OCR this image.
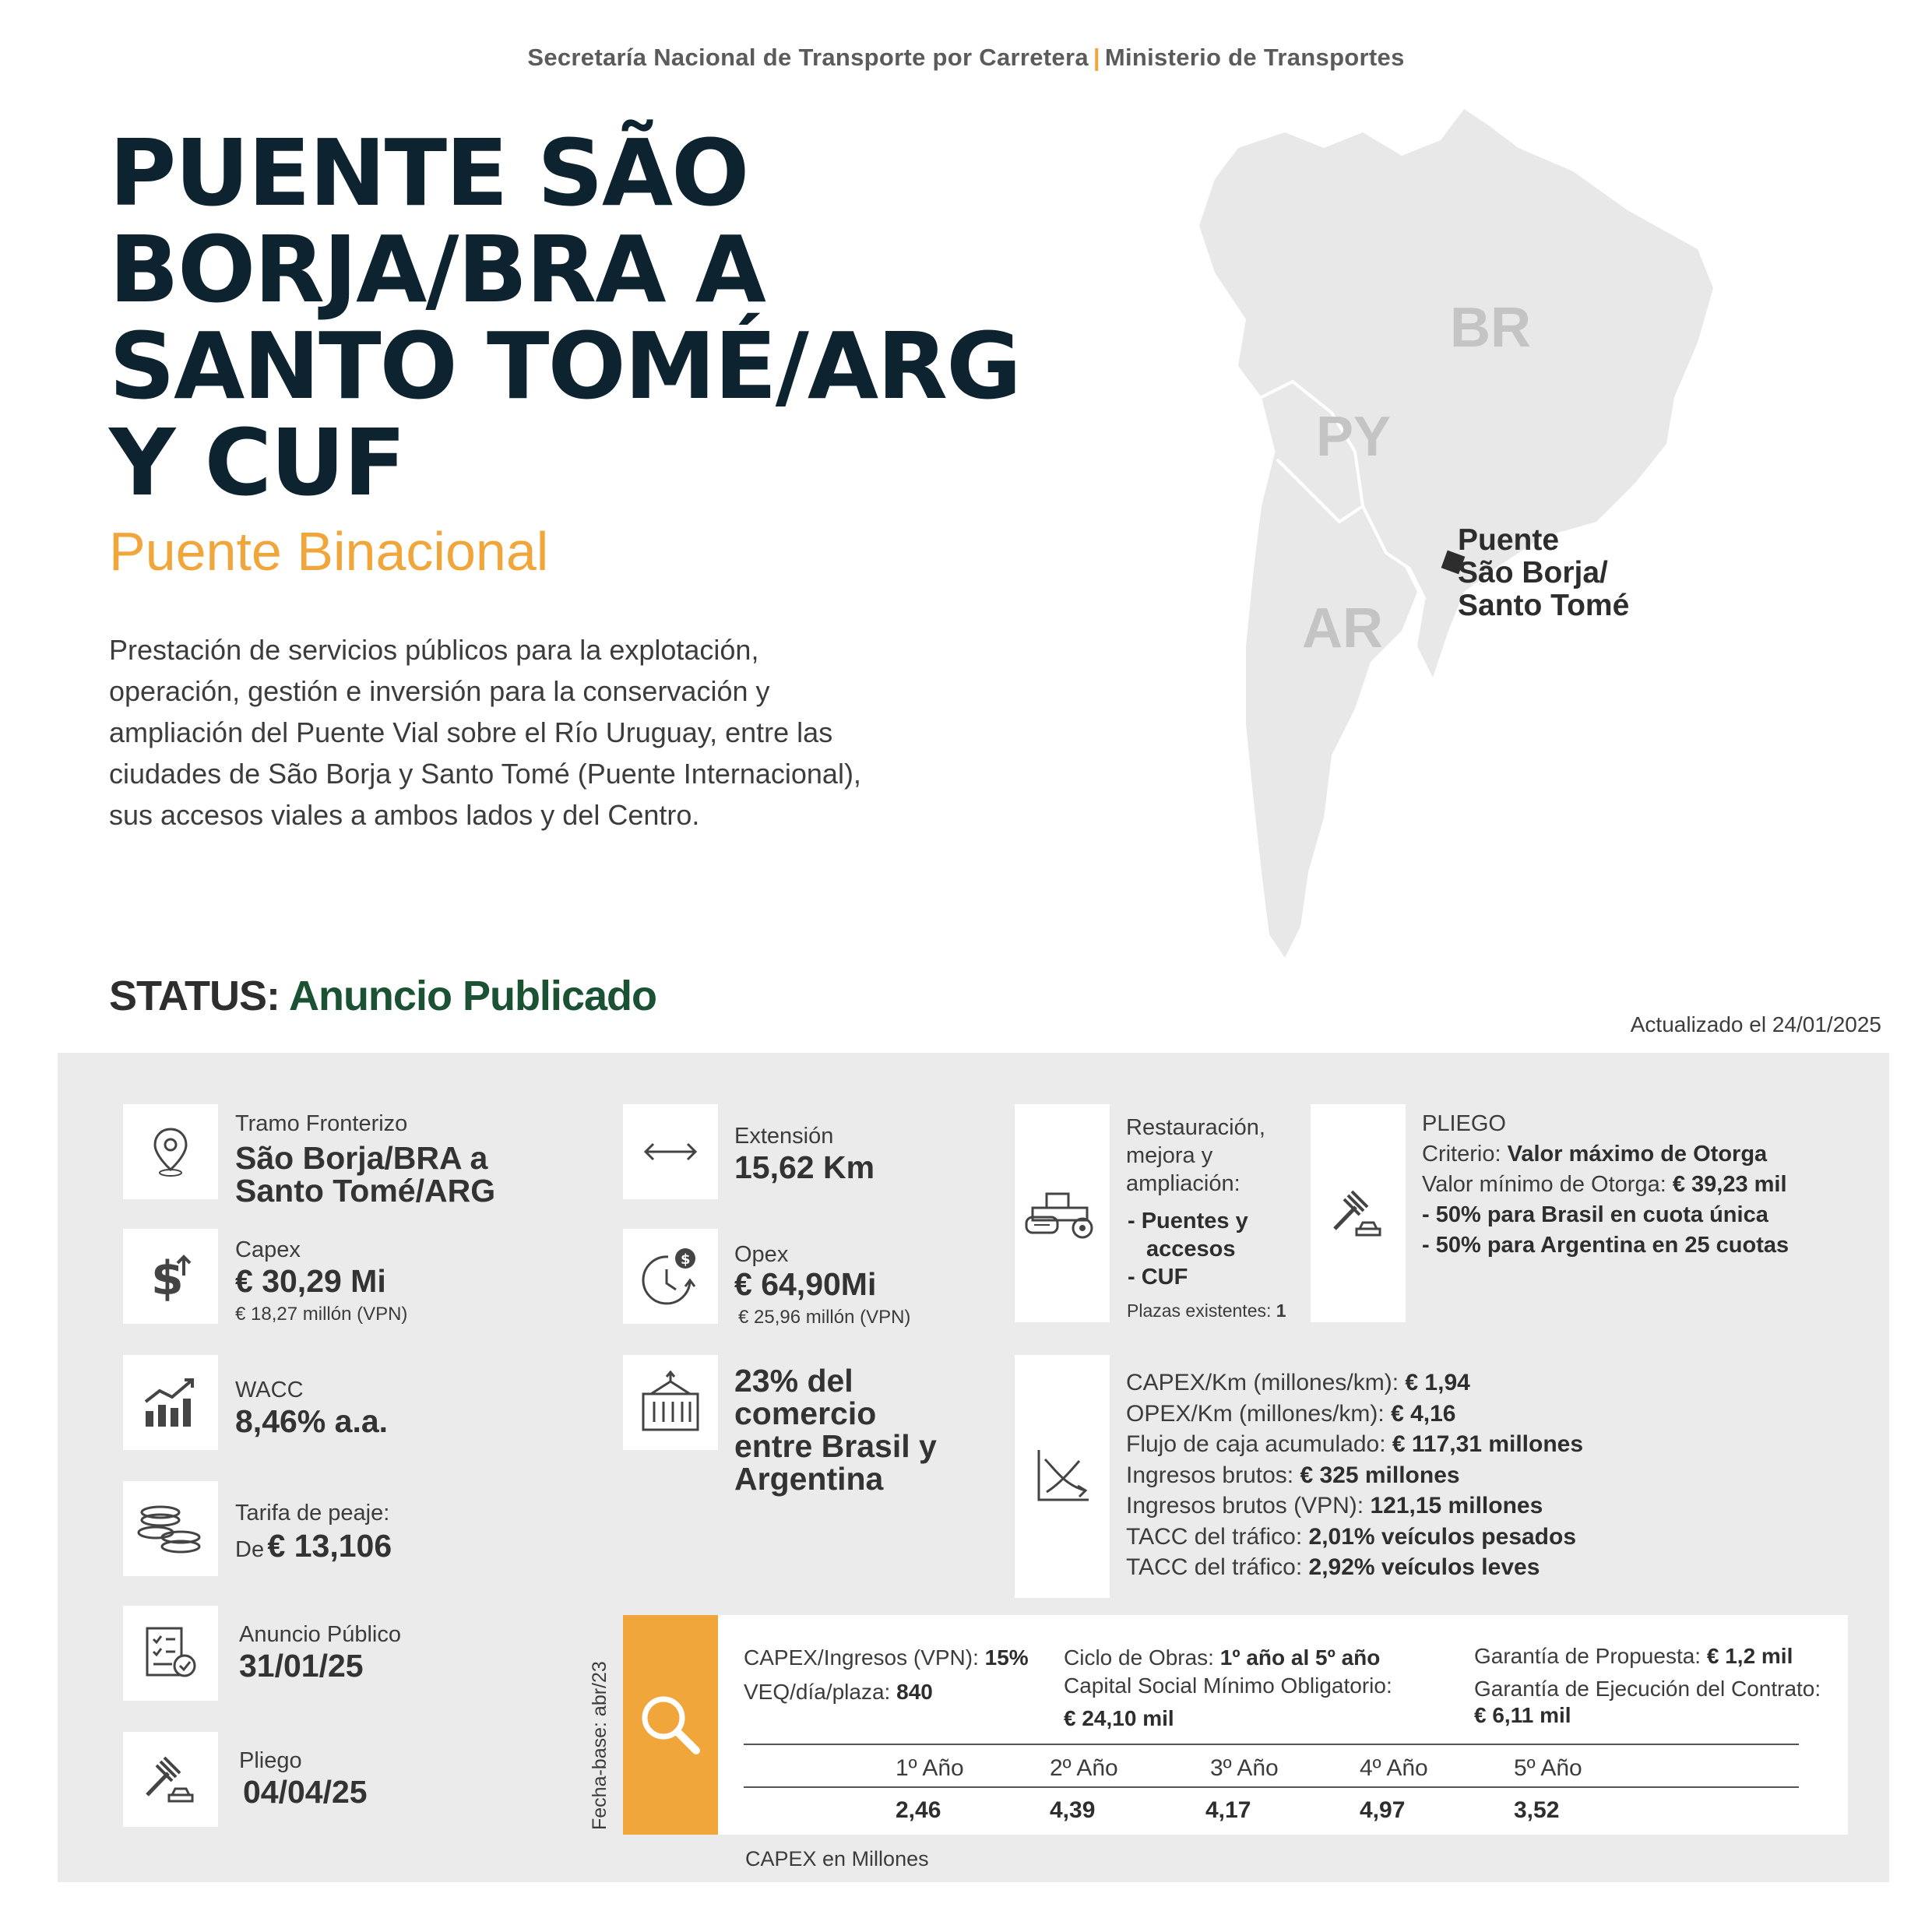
Secretaría Nacional de Transporte por Carretera | Ministerio de Transportes
PUENTE SÃO
BORJA/BRA A
SANTO TOMÉ/ARG
Y CUF
Puente Binacional
Prestación de servicios públicos para la explotación, operación, gestión e inversión para la conservación y ampliación del Puente Vial sobre el Río Uruguay, entre las ciudades de São Borja y Santo Tomé (Puente Internacional), sus accesos viales a ambos lados y del Centro.
BR
PY
AR
Puente
São Borja/
Santo Tomé
STATUS: Anuncio Publicado
Actualizado el 24/01/2025
Tramo Fronterizo
São Borja/BRA a
Santo Tomé/ARG
$
Capex
€ 30,29 Mi
€ 18,27 millón (VPN)
WACC
8,46% a.a.
Tarifa de peaje:
De € 13,106
Anuncio Público
31/01/25
Pliego
04/04/25
Extensión
15,62 Km
$ Opex
€ 64,90Mi
€ 25,96 millón (VPN)
23% del
comercio
entre Brasil y
Argentina
Restauración,
mejora y
ampliación:
- Puentes y
accesos
- CUF
Plazas existentes: 1
PLIEGO
Criterio: Valor máximo de Otorga
Valor mínimo de Otorga: € 39,23 mil
- 50% para Brasil en cuota única
- 50% para Argentina en 25 cuotas
CAPEX/Km (millones/km): € 1,94
OPEX/Km (millones/km): € 4,16
Flujo de caja acumulado: € 117,31 millones
Ingresos brutos: € 325 millones
Ingresos brutos (VPN): 121,15 millones
TACC del tráfico: 2,01% veículos pesados
TACC del tráfico: 2,92% veículos leves
Fecha-base: abr/23
CAPEX/Ingresos (VPN): 15%
VEQ/día/plaza: 840
Ciclo de Obras: 1º año al 5º año
Capital Social Mínimo Obligatorio:
€ 24,10 mil
Garantía de Propuesta: € 1,2 mil
Garantía de Ejecución del Contrato:
€ 6,11 mil
1º Año	2º Año	3º Año	4º Año	5º Año
2,46	4,39	4,17	4,97	3,52
CAPEX en Millones
